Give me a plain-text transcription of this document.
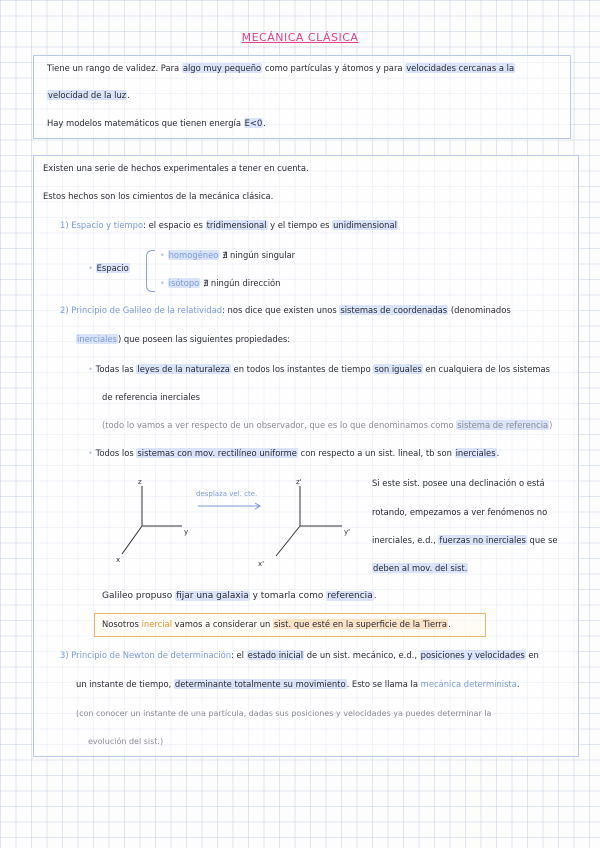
MECÁNICA CLÁSICA
Tiene un rango de validez. Para algo muy pequeño como partículas y átomos y para velocidades cercanas a la
velocidad de la luz.
Hay modelos matemáticos que tienen energía E<0.
Existen una serie de hechos experimentales a tener en cuenta.
Estos hechos son los cimientos de la mecánica clásica.
1) Espacio y tiempo: el espacio es tridimensional y el tiempo es unidimensional
• Espacio
• homogéneo ∄ ningún singular
• isótopo ∄ ningún dirección
2) Principio de Galileo de la relatividad: nos dice que existen unos sistemas de coordenadas (denominados
inerciales) que poseen las siguientes propiedades:
• Todas las leyes de la naturaleza en todos los instantes de tiempo son iguales en cualquiera de los sistemas
de referencia inerciales
(todo lo vamos a ver respecto de un observador, que es lo que denominamos como sistema de referencia)
• Todos los sistemas con mov. rectilíneo uniforme con respecto a un sist. lineal, tb son inerciales.
z
y
x
desplaza vel. cte.
z'
y'
x'
Si este sist. posee una declinación o está
rotando, empezamos a ver fenómenos no
inerciales, e.d., fuerzas no inerciales que se
deben al mov. del sist.
Galileo propuso fijar una galaxia y tomarla como referencia.
Nosotros inercial vamos a considerar un sist. que esté en la superficie de la Tierra.
3) Principio de Newton de determinación: el estado inicial de un sist. mecánico, e.d., posiciones y velocidades en
un instante de tiempo, determinante totalmente su movimiento. Esto se llama la mecánica determinista.
(con conocer un instante de una partícula, dadas sus posiciones y velocidades ya puedes determinar la
evolución del sist.)
